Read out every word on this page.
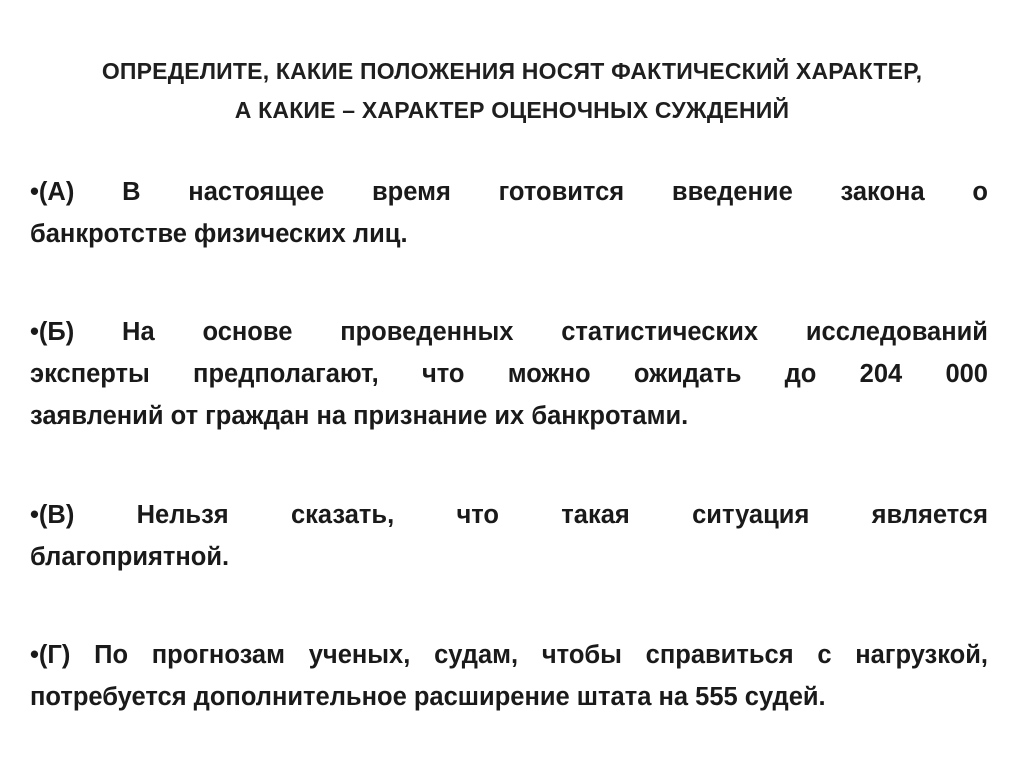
ОПРЕДЕЛИТЕ, КАКИЕ ПОЛОЖЕНИЯ НОСЯТ ФАКТИЧЕСКИЙ ХАРАКТЕР,
А КАКИЕ – ХАРАКТЕР ОЦЕНОЧНЫХ СУЖДЕНИЙ
•(А) В настоящее время готовится введение закона о
банкротстве физических лиц.
•(Б) На основе проведенных статистических исследований
эксперты предполагают, что можно ожидать до 204 000
заявлений от граждан на признание их банкротами.
•(В) Нельзя сказать, что такая ситуация является
благоприятной.
•(Г) По прогнозам ученых, судам, чтобы справиться с нагрузкой,
потребуется дополнительное расширение штата на 555 судей.
